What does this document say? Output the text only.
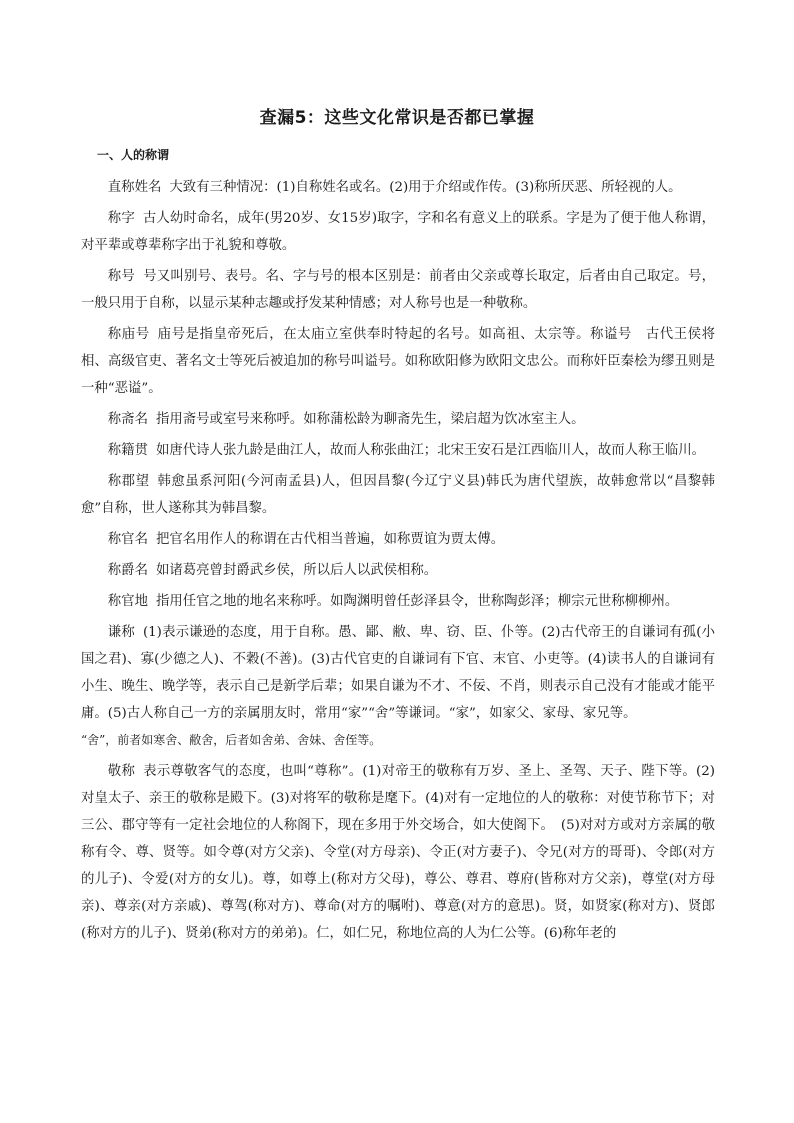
查漏5：这些文化常识是否都已掌握
一、人的称谓

直称姓名 大致有三种情况：(1)自称姓名或名。(2)用于介绍或作传。(3)称所厌恶、所轻视的人。

称字 古人幼时命名，成年(男20岁、女15岁)取字，字和名有意义上的联系。字是为了便于他人称谓，对平辈或尊辈称字出于礼貌和尊敬。

称号 号又叫别号、表号。名、字与号的根本区别是：前者由父亲或尊长取定，后者由自己取定。号，一般只用于自称，以显示某种志趣或抒发某种情感；对人称号也是一种敬称。

称庙号 庙号是指皇帝死后，在太庙立室供奉时特起的名号。如高祖、太宗等。称谥号　古代王侯将相、高级官吏、著名文士等死后被追加的称号叫谥号。如称欧阳修为欧阳文忠公。而称奸臣秦桧为缪丑则是一种“恶谥”。

称斋名 指用斋号或室号来称呼。如称蒲松龄为聊斋先生，梁启超为饮冰室主人。

称籍贯 如唐代诗人张九龄是曲江人，故而人称张曲江；北宋王安石是江西临川人，故而人称王临川。

称郡望 韩愈虽系河阳(今河南孟县)人，但因昌黎(今辽宁义县)韩氏为唐代望族，故韩愈常以“昌黎韩愈”自称，世人遂称其为韩昌黎。

称官名 把官名用作人的称谓在古代相当普遍，如称贾谊为贾太傅。

称爵名 如诸葛亮曾封爵武乡侯，所以后人以武侯相称。

称官地 指用任官之地的地名来称呼。如陶渊明曾任彭泽县令，世称陶彭泽；柳宗元世称柳柳州。

谦称 (1)表示谦逊的态度，用于自称。愚、鄙、敝、卑、窃、臣、仆等。(2)古代帝王的自谦词有孤(小国之君)、寡(少德之人)、不穀(不善)。(3)古代官吏的自谦词有下官、末官、小吏等。(4)读书人的自谦词有小生、晚生、晚学等，表示自己是新学后辈；如果自谦为不才、不佞、不肖，则表示自己没有才能或才能平庸。(5)古人称自己一方的亲属朋友时，常用“家”“舍”等谦词。“家”，如家父、家母、家兄等。
“舍”，前者如寒舍、敝舍，后者如舍弟、舍妹、舍侄等。

敬称 表示尊敬客气的态度，也叫“尊称”。(1)对帝王的敬称有万岁、圣上、圣驾、天子、陛下等。(2)对皇太子、亲王的敬称是殿下。(3)对将军的敬称是麾下。(4)对有一定地位的人的敬称：对使节称节下；对三公、郡守等有一定社会地位的人称阁下，现在多用于外交场合，如大使阁下。　(5)对对方或对方亲属的敬称有令、尊、贤等。如令尊(对方父亲)、令堂(对方母亲)、令正(对方妻子)、令兄(对方的哥哥)、令郎(对方的儿子)、令爱(对方的女儿)。尊，如尊上(称对方父母)，尊公、尊君、尊府(皆称对方父亲)，尊堂(对方母亲)、尊亲(对方亲戚)、尊驾(称对方)、尊命(对方的嘱咐)、尊意(对方的意思)。贤，如贤家(称对方)、贤郎(称对方的儿子)、贤弟(称对方的弟弟)。仁，如仁兄，称地位高的人为仁公等。(6)称年老的
